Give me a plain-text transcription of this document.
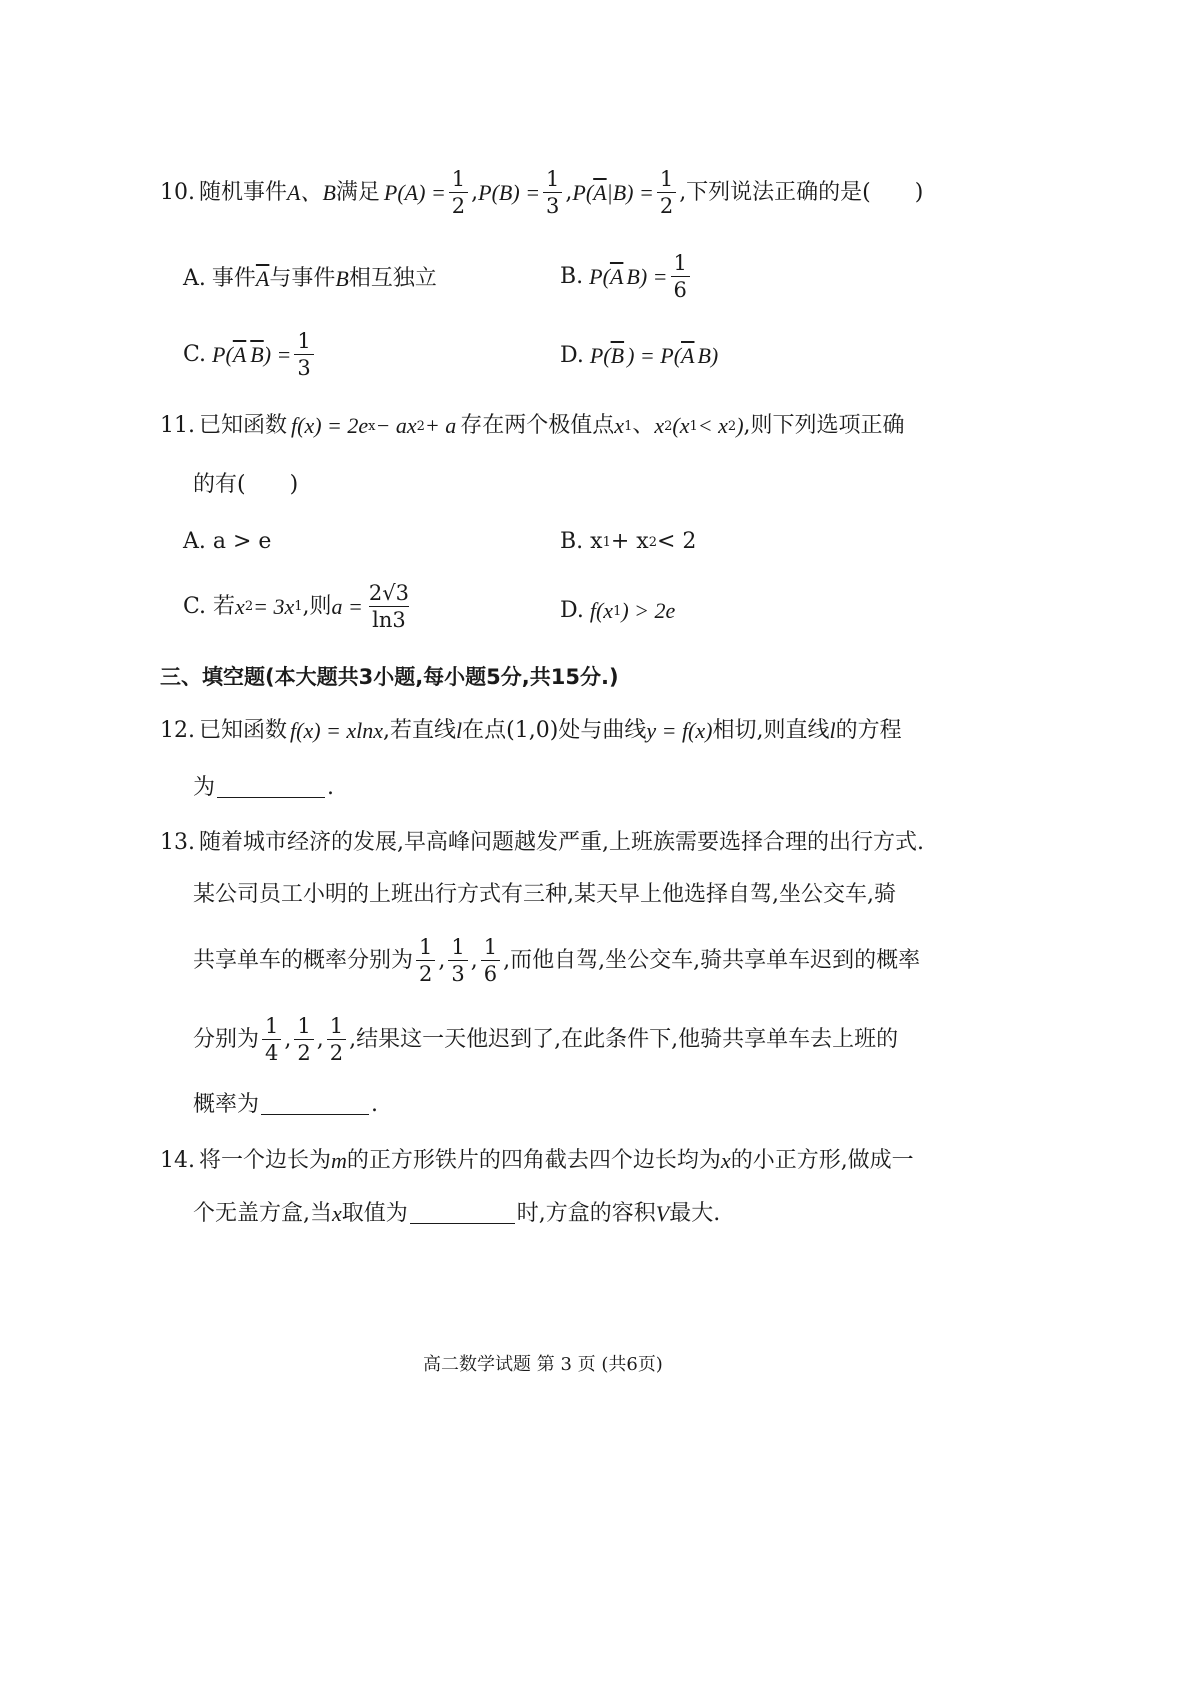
10. 随机事件 A、B 满足 $P(A) = \frac{1}{2}$ , $P(B) = \frac{1}{3}$ , P( $\overline{A}$ $|B) = \frac{1}{2}$ ,下列说法正确的是(　　)
A. 事件 $\overline{A}$ 与事件 B 相互独立	B. P( $\overline{A}$ $B) = \frac{1}{6}$
C. P( $\overline{A}$ $\overline{B}$ ) = $\frac{1}{3}$	D. P( $\overline{B}$ ) = P( $\overline{A}$ B)
11. 已知函数 f (x) = 2e x − ax 2 + a 存在两个极值点 x 1 、 x 2 (x 1 < x 2 ) ,则下列选项正确
的有(　　)
A. a > e	B. x 1 + x 2 < 2
C. 若 x 2 = 3x 1 ,则 $a = \frac{2√3}{\ln 3}$	D. f (x 1 ) > 2e
三、填空题(本大题共3小题,每小题5分,共15分.)
12. 已知函数 f(x) = xlnx ,若直线 l 在点(1,0)处与曲线 y = f(x) 相切,则直线 l 的方程
为	.
13. 随着城市经济的发展,早高峰问题越发严重,上班族需要选择合理的出行方式.
某公司员工小明的上班出行方式有三种,某天早上他选择自驾,坐公交车,骑
共享单车的概率分别为 $\frac{1}{2}$ , $\frac{1}{3}$ , $\frac{1}{6}$ ,而他自驾,坐公交车,骑共享单车迟到的概率
分别为 $\frac{1}{4}$ , $\frac{1}{2}$ , $\frac{1}{2}$ ,结果这一天他迟到了,在此条件下,他骑共享单车去上班的
概率为	.
14. 将一个边长为 m 的正方形铁片的四角截去四个边长均为 x 的小正方形,做成一
个无盖方盒,当 x 取值为	时,方盒的容积 V 最大.
高二数学试题 第 3 页 (共6页)
